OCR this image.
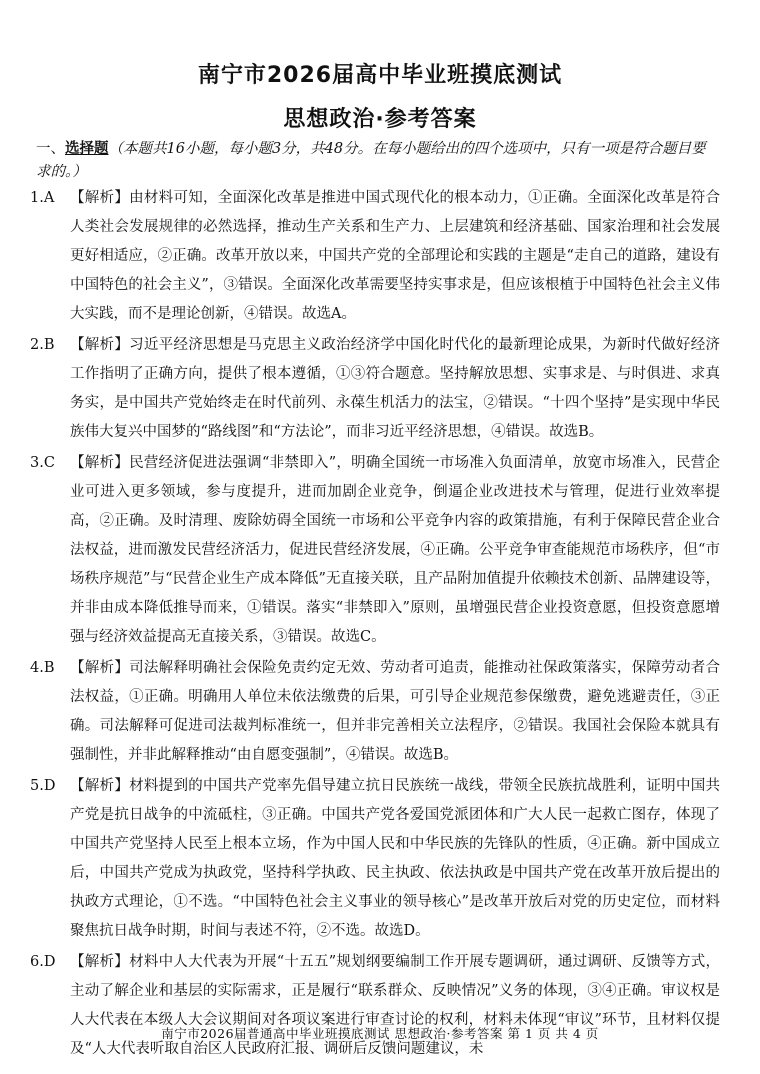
南宁市2026届高中毕业班摸底测试
思想政治·参考答案
一、选择题（本题共16小题，每小题3分，共48分。在每小题给出的四个选项中，只有一项是符合题目要求的。）
1.A	【解析】由材料可知，全面深化改革是推进中国式现代化的根本动力，①正确。全面深化改革是符合人类社会发展规律的必然选择，推动生产关系和生产力、上层建筑和经济基础、国家治理和社会发展更好相适应，②正确。改革开放以来，中国共产党的全部理论和实践的主题是“走自己的道路，建设有中国特色的社会主义”，③错误。全面深化改革需要坚持实事求是，但应该根植于中国特色社会主义伟大实践，而不是理论创新，④错误。故选A。
2.B	【解析】习近平经济思想是马克思主义政治经济学中国化时代化的最新理论成果，为新时代做好经济工作指明了正确方向，提供了根本遵循，①③符合题意。坚持解放思想、实事求是、与时俱进、求真务实，是中国共产党始终走在时代前列、永葆生机活力的法宝，②错误。“十四个坚持”是实现中华民族伟大复兴中国梦的“路线图”和“方法论”，而非习近平经济思想，④错误。故选B。
3.C	【解析】民营经济促进法强调“非禁即入”，明确全国统一市场准入负面清单，放宽市场准入，民营企业可进入更多领域，参与度提升，进而加剧企业竞争，倒逼企业改进技术与管理，促进行业效率提高，②正确。及时清理、废除妨碍全国统一市场和公平竞争内容的政策措施，有利于保障民营企业合法权益，进而激发民营经济活力，促进民营经济发展，④正确。公平竞争审查能规范市场秩序，但“市场秩序规范”与“民营企业生产成本降低”无直接关联，且产品附加值提升依赖技术创新、品牌建设等，并非由成本降低推导而来，①错误。落实“非禁即入”原则，虽增强民营企业投资意愿，但投资意愿增强与经济效益提高无直接关系，③错误。故选C。
4.B	【解析】司法解释明确社会保险免责约定无效、劳动者可追责，能推动社保政策落实，保障劳动者合法权益，①正确。明确用人单位未依法缴费的后果，可引导企业规范参保缴费，避免逃避责任，③正确。司法解释可促进司法裁判标准统一，但并非完善相关立法程序，②错误。我国社会保险本就具有强制性，并非此解释推动“由自愿变强制”，④错误。故选B。
5.D	【解析】材料提到的中国共产党率先倡导建立抗日民族统一战线，带领全民族抗战胜利，证明中国共产党是抗日战争的中流砥柱，③正确。中国共产党各爱国党派团体和广大人民一起救亡图存，体现了中国共产党坚持人民至上根本立场，作为中国人民和中华民族的先锋队的性质，④正确。新中国成立后，中国共产党成为执政党，坚持科学执政、民主执政、依法执政是中国共产党在改革开放后提出的执政方式理论，①不选。“中国特色社会主义事业的领导核心”是改革开放后对党的历史定位，而材料聚焦抗日战争时期，时间与表述不符，②不选。故选D。
6.D	【解析】材料中人大代表为开展“十五五”规划纲要编制工作开展专题调研，通过调研、反馈等方式，主动了解企业和基层的实际需求，正是履行“联系群众、反映情况”义务的体现，③④正确。审议权是人大代表在本级人大会议期间对各项议案进行审查讨论的权利，材料未体现“审议”环节，且材料仅提及“人大代表听取自治区人民政府汇报、调研后反馈问题建议，未
南宁市2026届普通高中毕业班摸底测试 思想政治·参考答案 第 1 页 共 4 页
